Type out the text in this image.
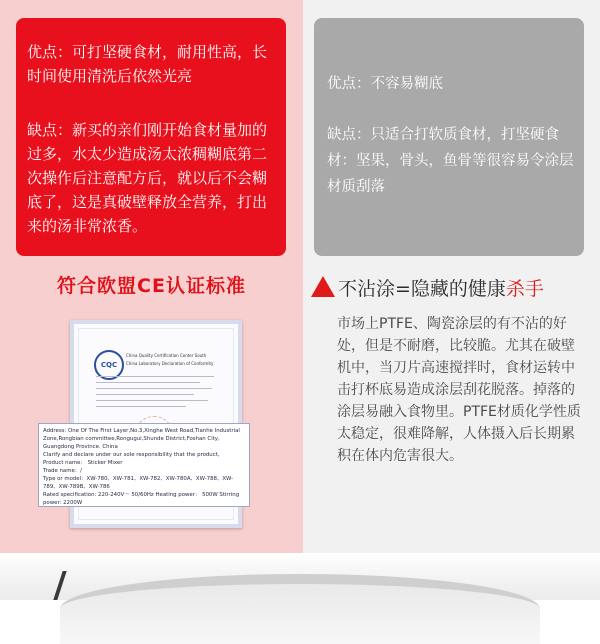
优点：可打坚硬食材，耐用性高，长时间使用清洗后依然光亮
缺点：新买的亲们刚开始食材量加的过多，水太少造成汤太浓稠糊底第二次操作后注意配方后，就以后不会糊底了，这是真破壁释放全营养，打出来的汤非常浓香。
优点：不容易糊底
缺点：只适合打软质食材，打坚硬食材：坚果，骨头，鱼骨等很容易令涂层材质刮落
符合欧盟CE认证标准
CQC
China Quality Certification Center South
China Laboratory Declaration of Conformity
Address: One Of The First Layer,No.3,Xinghe West Road,Tianhe Industrial Zone,Rongbian committee,Rongugui,Shunde District,Foshan City, Guangdong Province. China
Clarify and declare under our sole responsibility that the product,
Product name： Sticker Mixer
Trade name：/
Type or model：XW-780、XW-781、XW-782、XW-780A、XW-788、XW-789、XW-789B、XW-786
Rated specification: 220-240V～ 50/60Hz Heating power： 500W Stirring power: 2200W
不沾涂=隐藏的健康杀手
市场上PTFE、陶瓷涂层的有不沾的好处，但是不耐磨，比较脆。尤其在破壁机中，当刀片高速搅拌时，食材运转中击打杯底易造成涂层刮花脱落。掉落的涂层易融入食物里。PTFE材质化学性质太稳定，很难降解，人体摄入后长期累积在体内危害很大。
